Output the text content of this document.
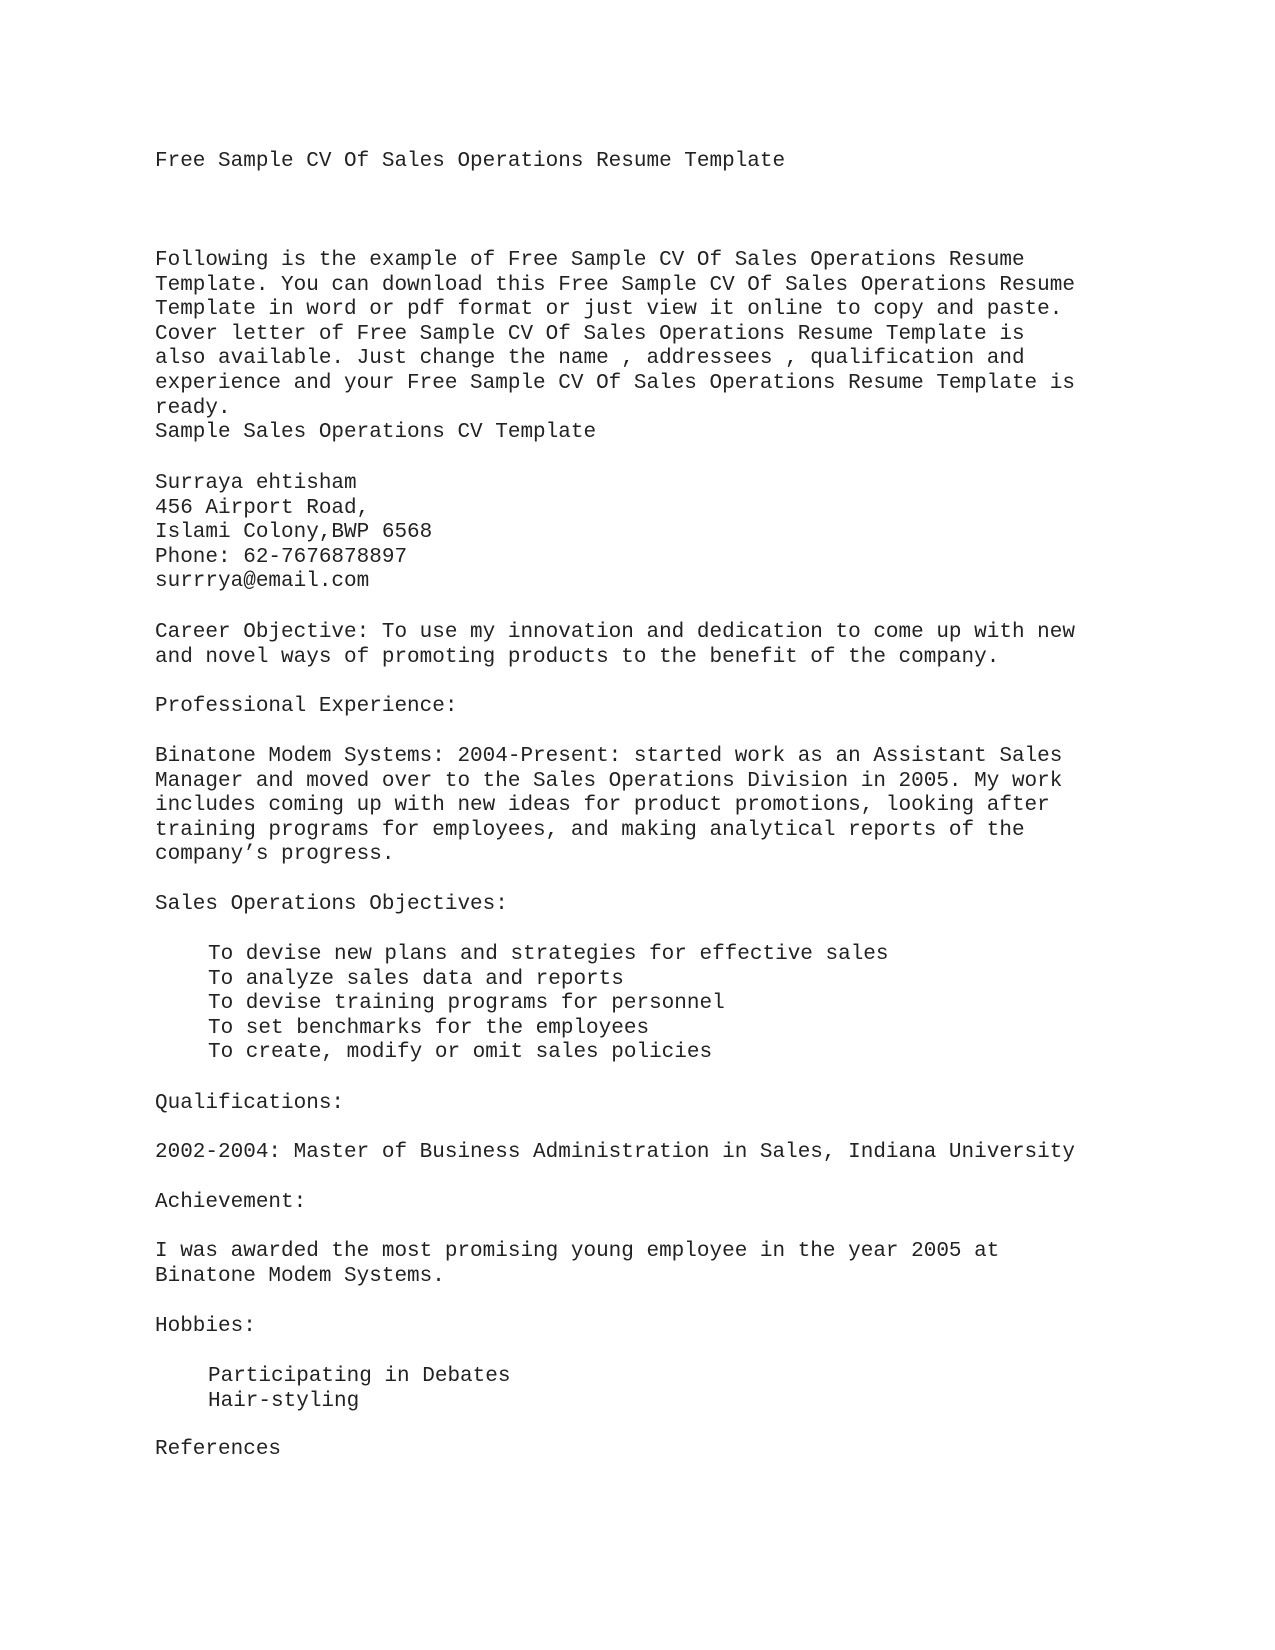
Free Sample CV Of Sales Operations Resume Template
Following is the example of Free Sample CV Of Sales Operations Resume
Template. You can download this Free Sample CV Of Sales Operations Resume
Template in word or pdf format or just view it online to copy and paste.
Cover letter of Free Sample CV Of Sales Operations Resume Template is
also available. Just change the name , addressees , qualification and
experience and your Free Sample CV Of Sales Operations Resume Template is
ready.
Sample Sales Operations CV Template
Surraya ehtisham
456 Airport Road,
Islami Colony,BWP 6568
Phone: 62-7676878897
surrrya@email.com
Career Objective: To use my innovation and dedication to come up with new
and novel ways of promoting products to the benefit of the company.
Professional Experience:
Binatone Modem Systems: 2004-Present: started work as an Assistant Sales
Manager and moved over to the Sales Operations Division in 2005. My work
includes coming up with new ideas for product promotions, looking after
training programs for employees, and making analytical reports of the
company’s progress.
Sales Operations Objectives:
To devise new plans and strategies for effective sales
To analyze sales data and reports
To devise training programs for personnel
To set benchmarks for the employees
To create, modify or omit sales policies
Qualifications:
2002-2004: Master of Business Administration in Sales, Indiana University
Achievement:
I was awarded the most promising young employee in the year 2005 at
Binatone Modem Systems.
Hobbies:
Participating in Debates
Hair-styling
References
